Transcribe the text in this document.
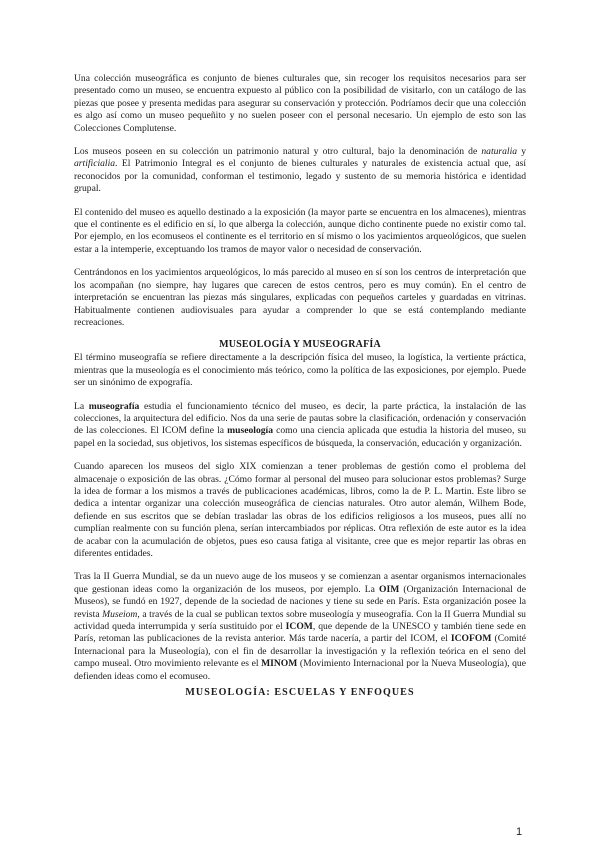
Una colección museográfica es conjunto de bienes culturales que, sin recoger los requisitos necesarios para ser presentado como un museo, se encuentra expuesto al público con la posibilidad de visitarlo, con un catálogo de las piezas que posee y presenta medidas para asegurar su conservación y protección. Podríamos decir que una colección es algo así como un museo pequeñito y no suelen poseer con el personal necesario. Un ejemplo de esto son las Colecciones Complutense.

Los museos poseen en su colección un patrimonio natural y otro cultural, bajo la denominación de naturalia y artificialia. El Patrimonio Integral es el conjunto de bienes culturales y naturales de existencia actual que, así reconocidos por la comunidad, conforman el testimonio, legado y sustento de su memoria histórica e identidad grupal.

El contenido del museo es aquello destinado a la exposición (la mayor parte se encuentra en los almacenes), mientras que el continente es el edificio en sí, lo que alberga la colección, aunque dicho continente puede no existir como tal. Por ejemplo, en los ecomuseos el continente es el territorio en sí mismo o los yacimientos arqueológicos, que suelen estar a la intemperie, exceptuando los tramos de mayor valor o necesidad de conservación.

Centrándonos en los yacimientos arqueológicos, lo más parecido al museo en sí son los centros de interpretación que los acompañan (no siempre, hay lugares que carecen de estos centros, pero es muy común). En el centro de interpretación se encuentran las piezas más singulares, explicadas con pequeños carteles y guardadas en vitrinas. Habitualmente contienen audiovisuales para ayudar a comprender lo que se está contemplando mediante recreaciones.

MUSEOLOGÍA Y MUSEOGRAFÍA

El término museografía se refiere directamente a la descripción física del museo, la logística, la vertiente práctica, mientras que la museología es el conocimiento más teórico, como la política de las exposiciones, por ejemplo. Puede ser un sinónimo de expografía.

La museografía estudia el funcionamiento técnico del museo, es decir, la parte práctica, la instalación de las colecciones, la arquitectura del edificio. Nos da una serie de pautas sobre la clasificación, ordenación y conservación de las colecciones. El ICOM define la museología como una ciencia aplicada que estudia la historia del museo, su papel en la sociedad, sus objetivos, los sistemas específicos de búsqueda, la conservación, educación y organización.

Cuando aparecen los museos del siglo XIX comienzan a tener problemas de gestión como el problema del almacenaje o exposición de las obras. ¿Cómo formar al personal del museo para solucionar estos problemas? Surge la idea de formar a los mismos a través de publicaciones académicas, libros, como la de P. L. Martin. Este libro se dedica a intentar organizar una colección museográfica de ciencias naturales. Otro autor alemán, Wilhem Bode, defiende en sus escritos que se debían trasladar las obras de los edificios religiosos a los museos, pues allí no cumplían realmente con su función plena, serían intercambiados por réplicas. Otra reflexión de este autor es la idea de acabar con la acumulación de objetos, pues eso causa fatiga al visitante, cree que es mejor repartir las obras en diferentes entidades.

Tras la II Guerra Mundial, se da un nuevo auge de los museos y se comienzan a asentar organismos internacionales que gestionan ideas como la organización de los museos, por ejemplo. La OIM (Organización Internacional de Museos), se fundó en 1927, depende de la sociedad de naciones y tiene su sede en París. Esta organización posee la revista Museiom, a través de la cual se publican textos sobre museología y museografía. Con la II Guerra Mundial su actividad queda interrumpida y sería sustituido por el ICOM, que depende de la UNESCO y también tiene sede en París, retoman las publicaciones de la revista anterior. Más tarde nacería, a partir del ICOM, el ICOFOM (Comité Internacional para la Museología), con el fin de desarrollar la investigación y la reflexión teórica en el seno del campo museal. Otro movimiento relevante es el MINOM (Movimiento Internacional por la Nueva Museología), que defienden ideas como el ecomuseo.

MUSEOLOGÍA: ESCUELAS Y ENFOQUES
1
